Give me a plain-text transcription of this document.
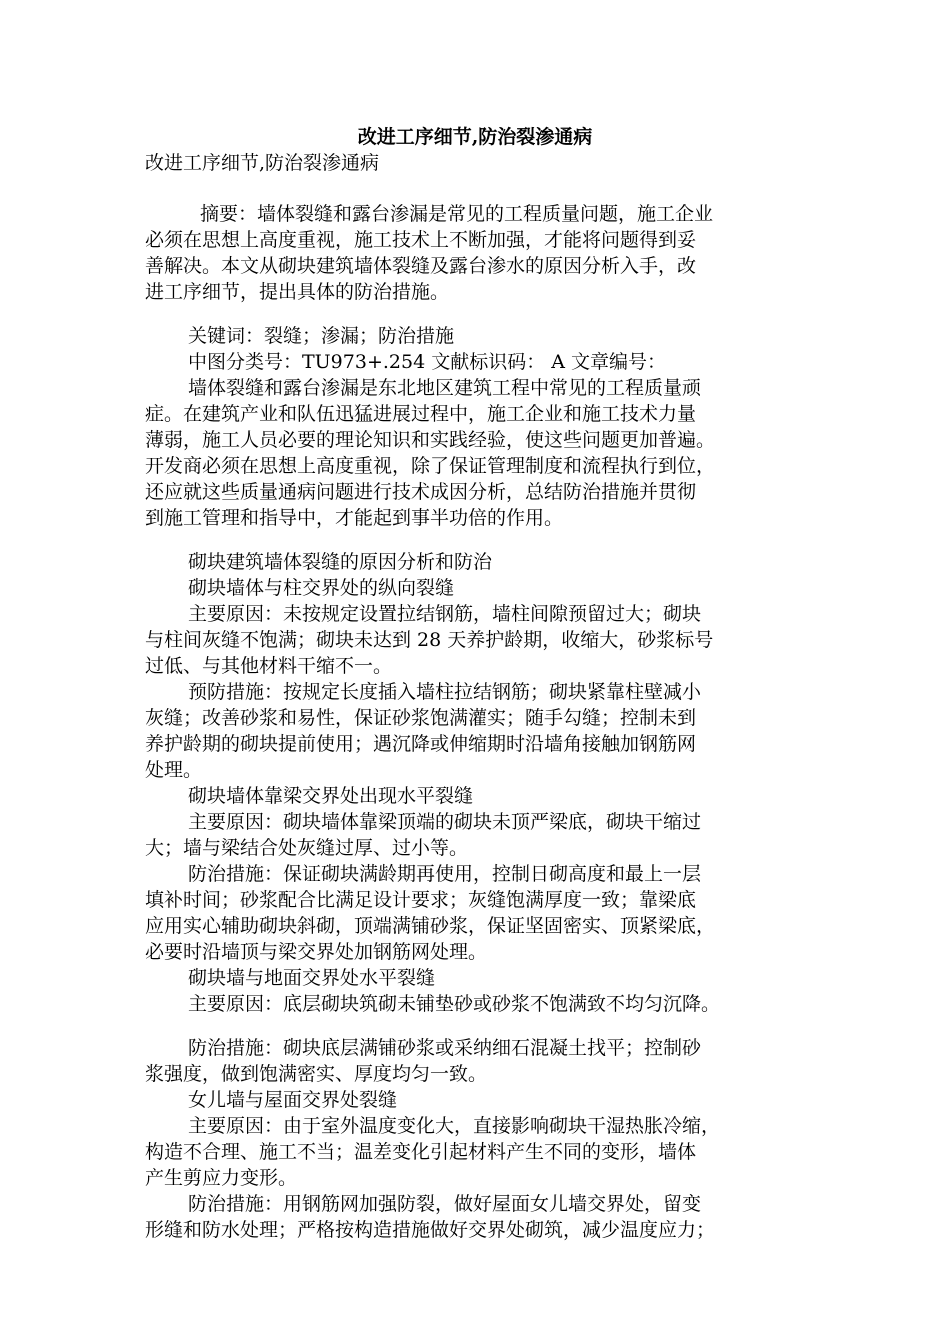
改进工序细节,防治裂渗通病

改进工序细节,防治裂渗通病

摘要：墙体裂缝和露台渗漏是常见的工程质量问题，施工企业

必须在思想上高度重视，施工技术上不断加强，才能将问题得到妥

善解决。本文从砌块建筑墙体裂缝及露台渗水的原因分析入手，改

进工序细节，提出具体的防治措施。

关键词：裂缝；渗漏；防治措施

中图分类号：TU973+.254 文献标识码： A 文章编号：

墙体裂缝和露台渗漏是东北地区建筑工程中常见的工程质量顽

症。在建筑产业和队伍迅猛进展过程中，施工企业和施工技术力量

薄弱，施工人员必要的理论知识和实践经验，使这些问题更加普遍。

开发商必须在思想上高度重视，除了保证管理制度和流程执行到位，

还应就这些质量通病问题进行技术成因分析，总结防治措施并贯彻

到施工管理和指导中，才能起到事半功倍的作用。

砌块建筑墙体裂缝的原因分析和防治

砌块墙体与柱交界处的纵向裂缝

主要原因：未按规定设置拉结钢筋，墙柱间隙预留过大；砌块

与柱间灰缝不饱满；砌块未达到 28 天养护龄期，收缩大，砂浆标号

过低、与其他材料干缩不一。

预防措施：按规定长度插入墙柱拉结钢筋；砌块紧靠柱壁减小

灰缝；改善砂浆和易性，保证砂浆饱满灌实；随手勾缝；控制未到

养护龄期的砌块提前使用；遇沉降或伸缩期时沿墙角接触加钢筋网

处理。

砌块墙体靠梁交界处出现水平裂缝

主要原因：砌块墙体靠梁顶端的砌块未顶严梁底，砌块干缩过

大；墙与梁结合处灰缝过厚、过小等。

防治措施：保证砌块满龄期再使用，控制日砌高度和最上一层

填补时间；砂浆配合比满足设计要求；灰缝饱满厚度一致；靠梁底

应用实心辅助砌块斜砌，顶端满铺砂浆，保证坚固密实、顶紧梁底，

必要时沿墙顶与梁交界处加钢筋网处理。

砌块墙与地面交界处水平裂缝

主要原因：底层砌块筑砌未铺垫砂或砂浆不饱满致不均匀沉降。

防治措施：砌块底层满铺砂浆或采纳细石混凝土找平；控制砂

浆强度，做到饱满密实、厚度均匀一致。

女儿墙与屋面交界处裂缝

主要原因：由于室外温度变化大，直接影响砌块干湿热胀冷缩，

构造不合理、施工不当；温差变化引起材料产生不同的变形，墙体

产生剪应力变形。

防治措施：用钢筋网加强防裂，做好屋面女儿墙交界处，留变

形缝和防水处理；严格按构造措施做好交界处砌筑，减少温度应力；
